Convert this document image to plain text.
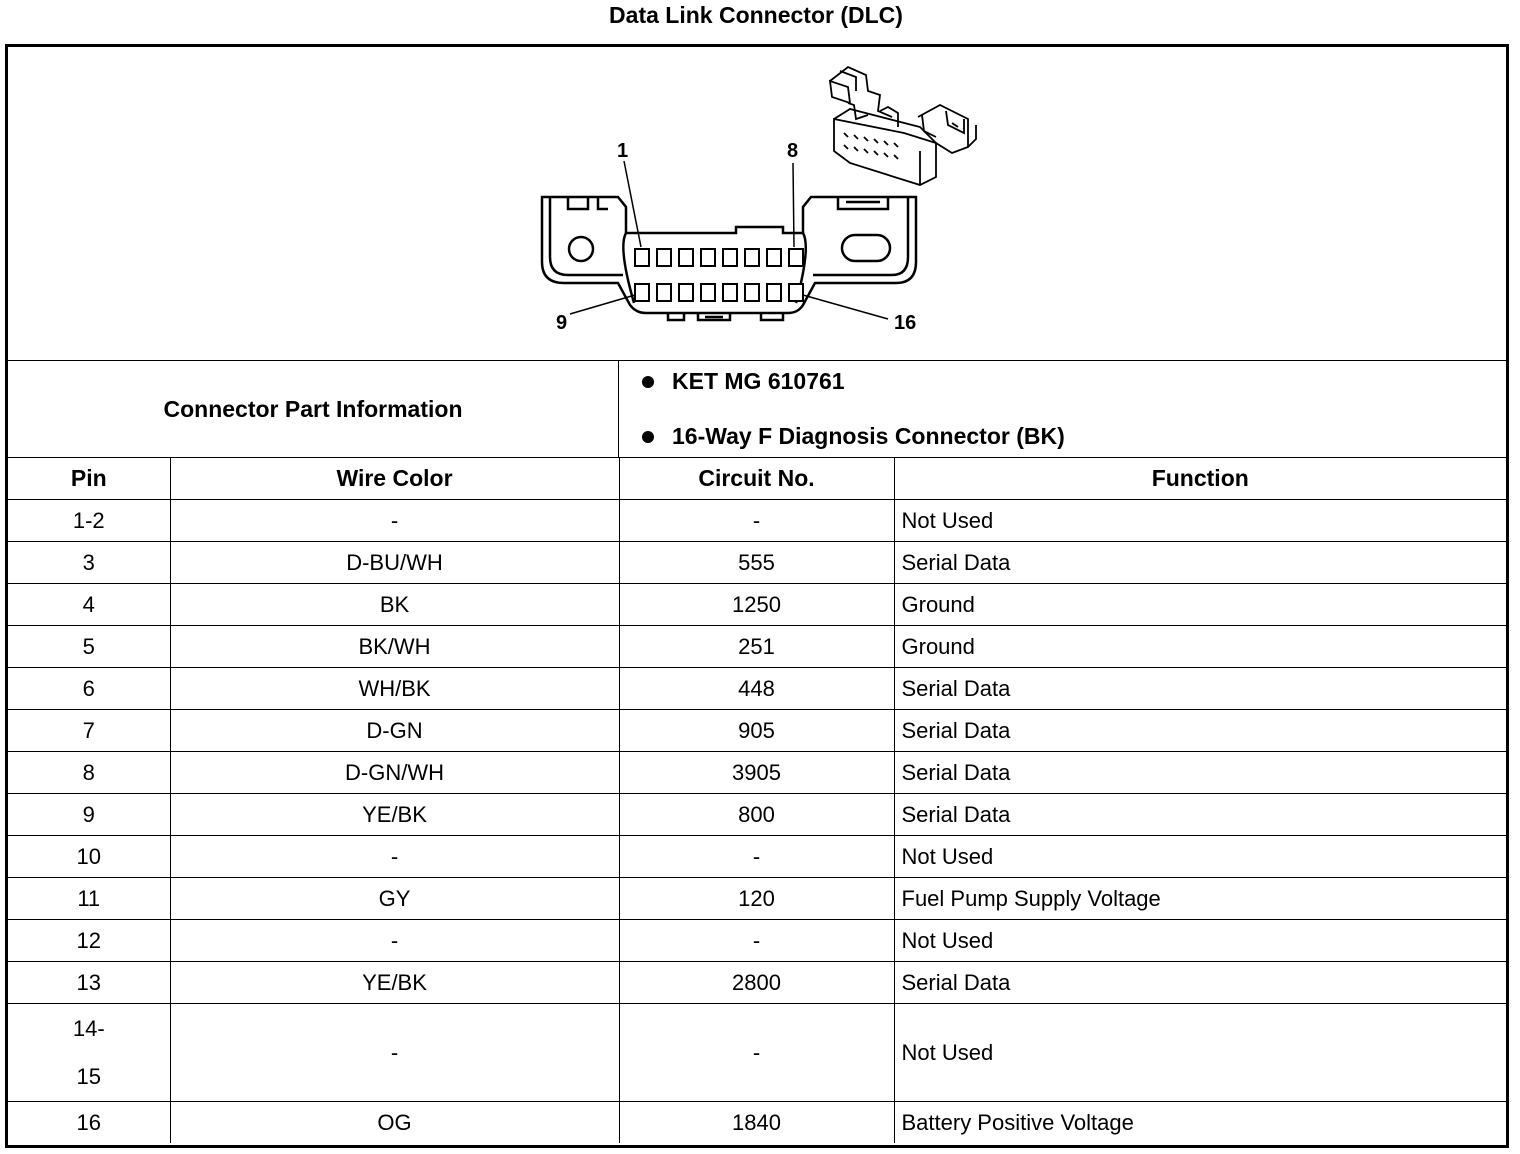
Data Link Connector (DLC)
1	8
9	16
Connector Part Information
KET MG 610761
16-Way F Diagnosis Connector (BK)
Pin	Wire Color	Circuit No.	Function
1-2	-	-	Not Used
3	D-BU/WH	555	Serial Data
4	BK	1250	Ground
5	BK/WH	251	Ground
6	WH/BK	448	Serial Data
7	D-GN	905	Serial Data
8	D-GN/WH	3905	Serial Data
9	YE/BK	800	Serial Data
10	-	-	Not Used
11	GY	120	Fuel Pump Supply Voltage
12	-	-	Not Used
13	YE/BK	2800	Serial Data

14-
15	-	-	Not Used
16	OG	1840	Battery Positive Voltage
